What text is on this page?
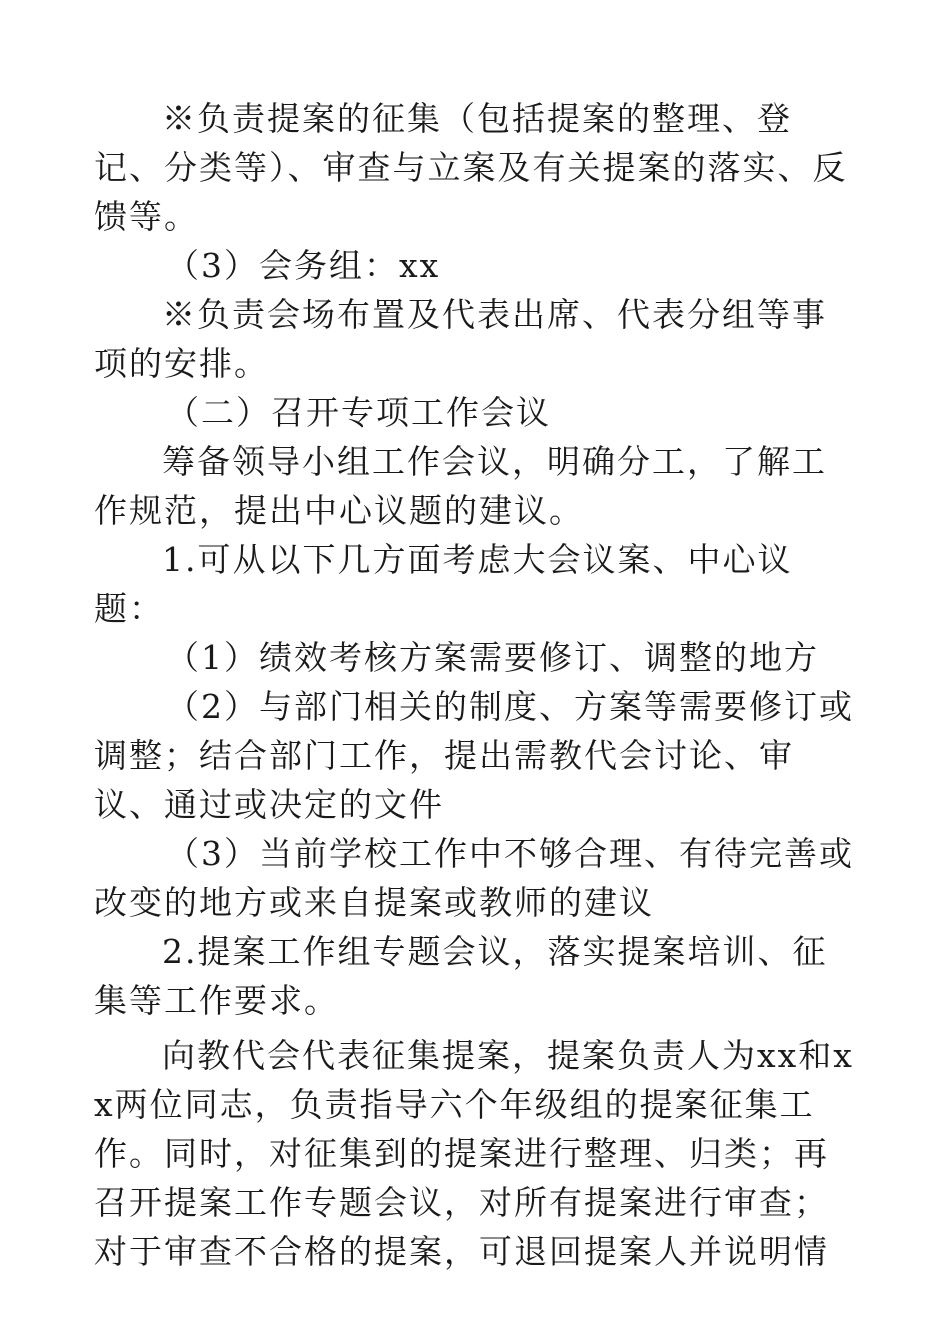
※负责提案的征集（包括提案的整理、登记、分类等）、审查与立案及有关提案的落实、反馈等。

（3）会务组：xx

※负责会场布置及代表出席、代表分组等事项的安排。

（二）召开专项工作会议

筹备领导小组工作会议，明确分工，了解工作规范，提出中心议题的建议。

1.可从以下几方面考虑大会议案、中心议题：

（1）绩效考核方案需要修订、调整的地方

（2）与部门相关的制度、方案等需要修订或调整；结合部门工作，提出需教代会讨论、审议、通过或决定的文件

（3）当前学校工作中不够合理、有待完善或改变的地方或来自提案或教师的建议

2.提案工作组专题会议，落实提案培训、征集等工作要求。

向教代会代表征集提案，提案负责人为xx和xx两位同志，负责指导六个年级组的提案征集工作。同时，对征集到的提案进行整理、归类；再召开提案工作专题会议，对所有提案进行审查；对于审查不合格的提案，可退回提案人并说明情
